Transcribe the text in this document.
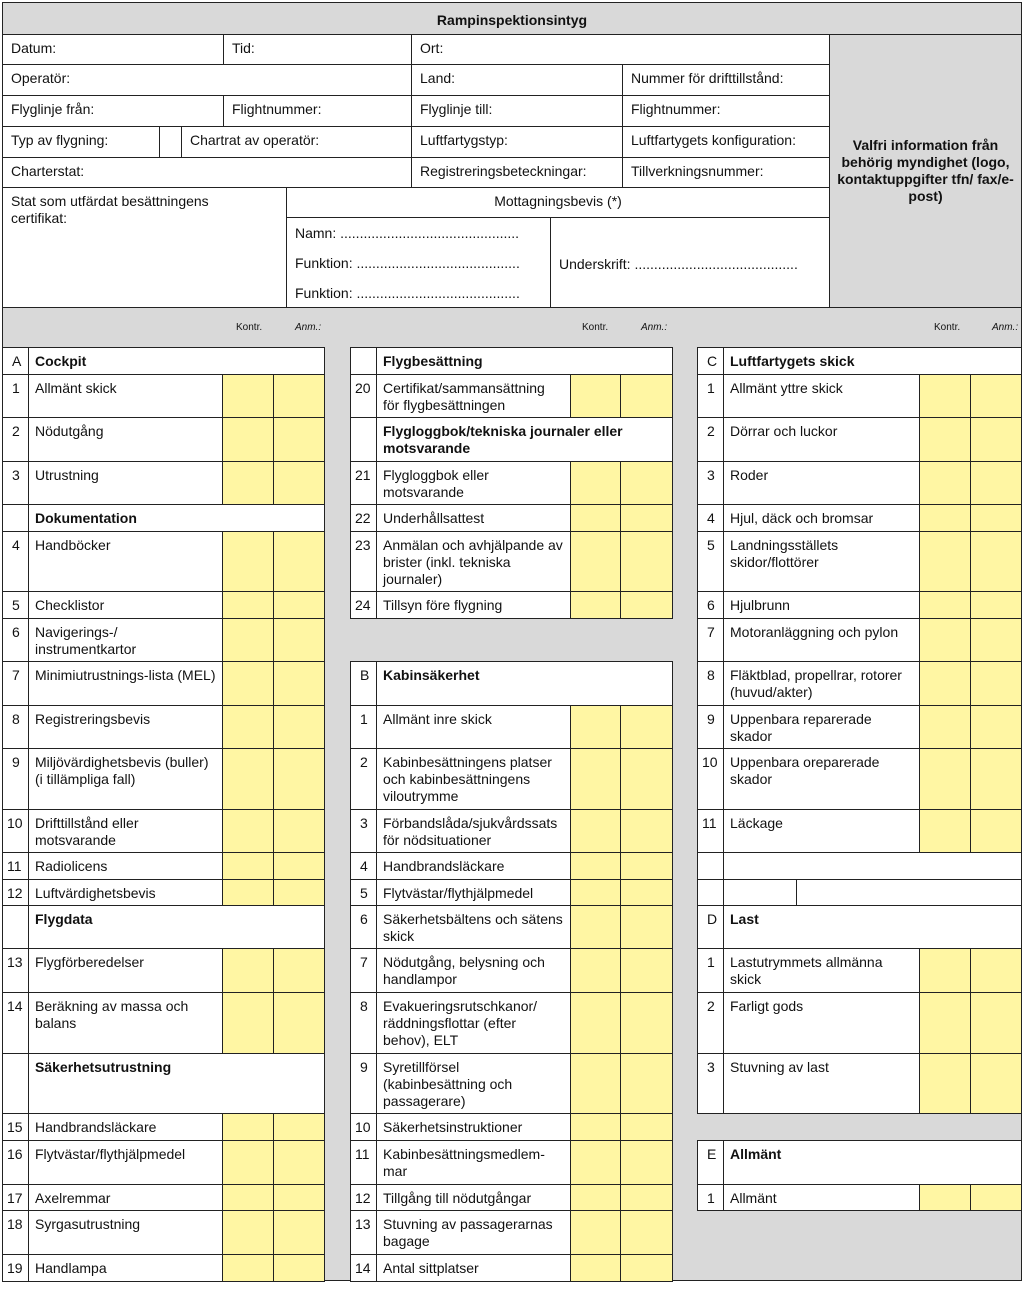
Rampinspektionsintyg
Datum:	Tid:	Ort:
Valfri information från behörig myndighet (logo, kontaktuppgifter tfn/ fax/e-post)
Operatör:	Land:	Nummer för drifttillstånd:
Flyglinje från:	Flightnummer:	Flyglinje till:	Flightnummer:
Typ av flygning:	Chartrat av operatör:	Luftfartygstyp:	Luftfartygets konfiguration:
Charterstat:	Registreringsbeteckningar:	Tillverkningsnummer:
Stat som utfärdat besättningens certifikat:
Mottagningsbevis (*)
Namn: ..............................................
Funktion: ..........................................
Funktion: ..........................................
Underskrift: ..........................................
Kontr.	Anm.:	Kontr.	Anm.:	Kontr.	Anm.:
A Cockpit
1	Allmänt skick
2	Nödutgång
3	Utrustning
Dokumentation
4	Handböcker
5	Checklistor
6	Navigerings-/ instrumentkartor
7	Minimiutrustnings-lista (MEL)
8	Registreringsbevis
9	Miljövärdighetsbevis (buller) (i tillämpliga fall)
10 Drifttillstånd eller motsvarande
11 Radiolicens
12 Luftvärdighetsbevis
Flygdata
13 Flygförberedelser
14 Beräkning av massa och balans
Säkerhetsutrustning
15 Handbrandsläckare
16 Flytvästar/flythjälpmedel
17 Axelremmar
18 Syrgasutrustning
19 Handlampa
Flygbesättning
20 Certifikat/sammansättning för flygbesättningen
Flygloggbok/tekniska journaler eller motsvarande
21 Flygloggbok eller motsvarande
22 Underhållsattest
23 Anmälan och avhjälpande av brister (inkl. tekniska journaler)
24 Tillsyn före flygning
B Kabinsäkerhet
1	Allmänt inre skick
2	Kabinbesättningens platser och kabinbesättningens viloutrymme
3	Förbandslåda/sjukvårdssats för nödsituationer
4	Handbrandsläckare
5	Flytvästar/flythjälpmedel
6	Säkerhetsbältens och sätens skick
7	Nödutgång, belysning och handlampor
8	Evakueringsrutschkanor/ räddningsflottar (efter behov), ELT
9	Syretillförsel (kabinbesättning och passagerare)
10 Säkerhetsinstruktioner
11 Kabinbesättningsmedlem-mar
12 Tillgång till nödutgångar
13 Stuvning av passagerarnas bagage
14 Antal sittplatser
C Luftfartygets skick
1	Allmänt yttre skick
2	Dörrar och luckor
3	Roder
4	Hjul, däck och bromsar
5	Landningsställets skidor/flottörer
6	Hjulbrunn
7	Motoranläggning och pylon
8	Fläktblad, propellrar, rotorer (huvud/akter)
9	Uppenbara reparerade skador
10 Uppenbara oreparerade skador
11 Läckage
D Last
1	Lastutrymmets allmänna skick
2	Farligt gods
3	Stuvning av last
E Allmänt
1	Allmänt
